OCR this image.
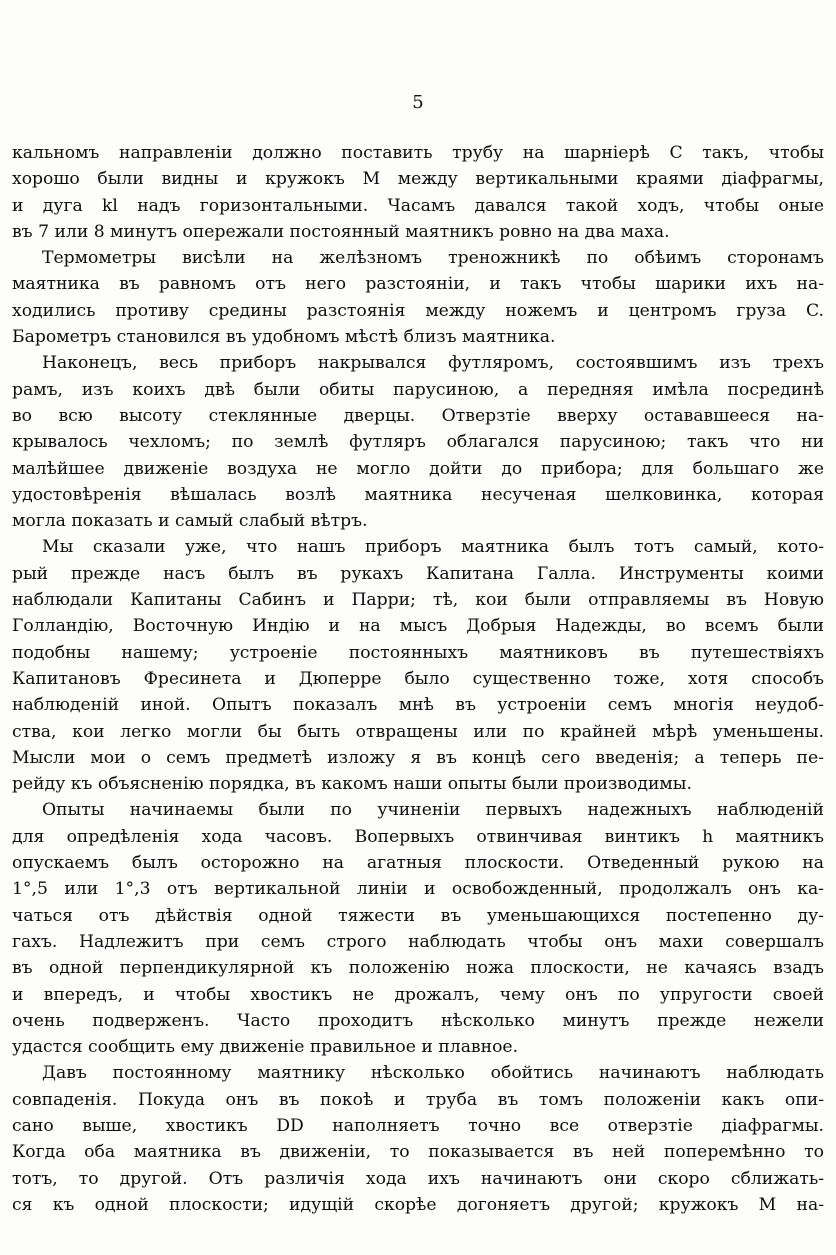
5
кальномъ направленіи должно поставить трубу на шарніерѣ C такъ, чтобы
хорошо были видны и кружокъ M между вертикальными краями діафрагмы,
и дуга kl надъ горизонтальными. Часамъ давался такой ходъ, чтобы оные
въ 7 или 8 минутъ опережали постоянный маятникъ ровно на два маха.
Термометры висѣли на желѣзномъ треножникѣ по обѣимъ сторонамъ
маятника въ равномъ отъ него разстояніи, и такъ чтобы шарики ихъ на-
ходились противу средины разстоянія между ножемъ и центромъ груза C.
Барометръ становился въ удобномъ мѣстѣ близъ маятника.
Наконецъ, весь приборъ накрывался футляромъ, состоявшимъ изъ трехъ
рамъ, изъ коихъ двѣ были обиты парусиною, а передняя имѣла посрединѣ
во всю высоту стеклянные дверцы. Отверзтіе вверху остававшееся на-
крывалось чехломъ; по землѣ футляръ облагался парусиною; такъ что ни
малѣйшее движеніе воздуха не могло дойти до прибора; для большаго же
удостовѣренія вѣшалась возлѣ маятника несученая шелковинка, которая
могла показать и самый слабый вѣтръ.
Мы сказали уже, что нашъ приборъ маятника былъ тотъ самый, кото-
рый прежде насъ былъ въ рукахъ Капитана Галла. Инструменты коими
наблюдали Капитаны Сабинъ и Парри; тѣ, кои были отправляемы въ Новую
Голландію, Восточную Индію и на мысъ Добрыя Надежды, во всемъ были
подобны нашему; устроеніе постоянныхъ маятниковъ въ путешествіяхъ
Капитановъ Фресинета и Дюперре было существенно тоже, хотя способъ
наблюденій иной. Опытъ показалъ мнѣ въ устроеніи семъ многія неудоб-
ства, кои легко могли бы быть отвращены или по крайней мѣрѣ уменьшены.
Мысли мои о семъ предметѣ изложу я въ концѣ сего введенія; а теперь пе-
рейду къ объясненію порядка, въ какомъ наши опыты были производимы.
Опыты начинаемы были по учиненіи первыхъ надежныхъ наблюденій
для опредѣленія хода часовъ. Вопервыхъ отвинчивая винтикъ h маятникъ
опускаемъ былъ осторожно на агатныя плоскости. Отведенный рукою на
1°,5 или 1°,3 отъ вертикальной линіи и освобожденный, продолжалъ онъ ка-
чаться отъ дѣйствія одной тяжести въ уменьшающихся постепенно ду-
гахъ. Надлежитъ при семъ строго наблюдать чтобы онъ махи совершалъ
въ одной перпендикулярной къ положенію ножа плоскости, не качаясь взадъ
и впередъ, и чтобы хвостикъ не дрожалъ, чему онъ по упругости своей
очень подверженъ. Часто проходитъ нѣсколько минутъ прежде нежели
удастся сообщить ему движеніе правильное и плавное.
Давъ постоянному маятнику нѣсколько обойтись начинаютъ наблюдать
совпаденія. Покуда онъ въ покоѣ и труба въ томъ положеніи какъ опи-
сано выше, хвостикъ DD наполняетъ точно все отверзтіе діафрагмы.
Когда оба маятника въ движеніи, то показывается въ ней поперемѣнно то
тотъ, то другой. Отъ различія хода ихъ начинаютъ они скоро сближать-
ся къ одной плоскости; идущій скорѣе догоняетъ другой; кружокъ M на-
